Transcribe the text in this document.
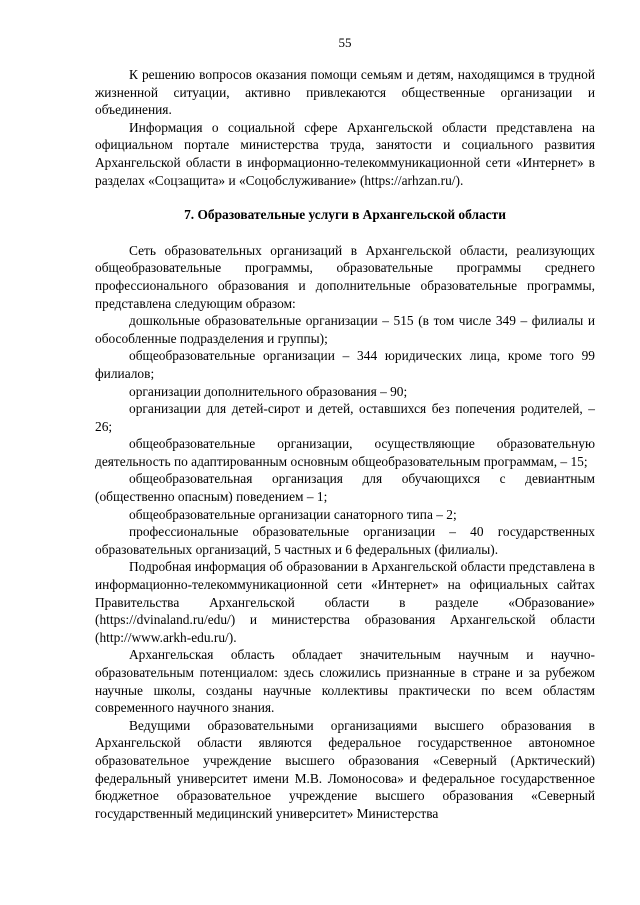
55

К решению вопросов оказания помощи семьям и детям, находящимся в трудной жизненной ситуации, активно привлекаются общественные организации и объединения.

Информация о социальной сфере Архангельской области представлена на официальном портале министерства труда, занятости и социального развития Архангельской области в информационно-телекоммуникационной сети «Интернет» в разделах «Соцзащита» и «Соцобслуживание» (https://arhzan.ru/).

7. Образовательные услуги в Архангельской области

Сеть образовательных организаций в Архангельской области, реализующих общеобразовательные программы, образовательные программы среднего профессионального образования и дополнительные образовательные программы, представлена следующим образом:

дошкольные образовательные организации – 515 (в том числе 349 – филиалы и обособленные подразделения и группы);

общеобразовательные организации – 344 юридических лица, кроме того 99 филиалов;

организации дополнительного образования – 90;

организации для детей-сирот и детей, оставшихся без попечения родителей, – 26;

общеобразовательные организации, осуществляющие образовательную деятельность по адаптированным основным общеобразовательным программам, – 15;

общеобразовательная организация для обучающихся с девиантным (общественно опасным) поведением – 1;

общеобразовательные организации санаторного типа – 2;

профессиональные образовательные организации – 40 государственных образовательных организаций, 5 частных и 6 федеральных (филиалы).

Подробная информация об образовании в Архангельской области представлена в информационно-телекоммуникационной сети «Интернет» на официальных сайтах Правительства Архангельской области в разделе «Образование» (https://dvinaland.ru/edu/) и министерства образования Архангельской области (http://www.arkh-edu.ru/).

Архангельская область обладает значительным научным и научно-образовательным потенциалом: здесь сложились признанные в стране и за рубежом научные школы, созданы научные коллективы практически по всем областям современного научного знания.

Ведущими образовательными организациями высшего образования в Архангельской области являются федеральное государственное автономное образовательное учреждение высшего образования «Северный (Арктический) федеральный университет имени М.В. Ломоносова» и федеральное государственное бюджетное образовательное учреждение высшего образования «Северный государственный медицинский университет» Министерства
